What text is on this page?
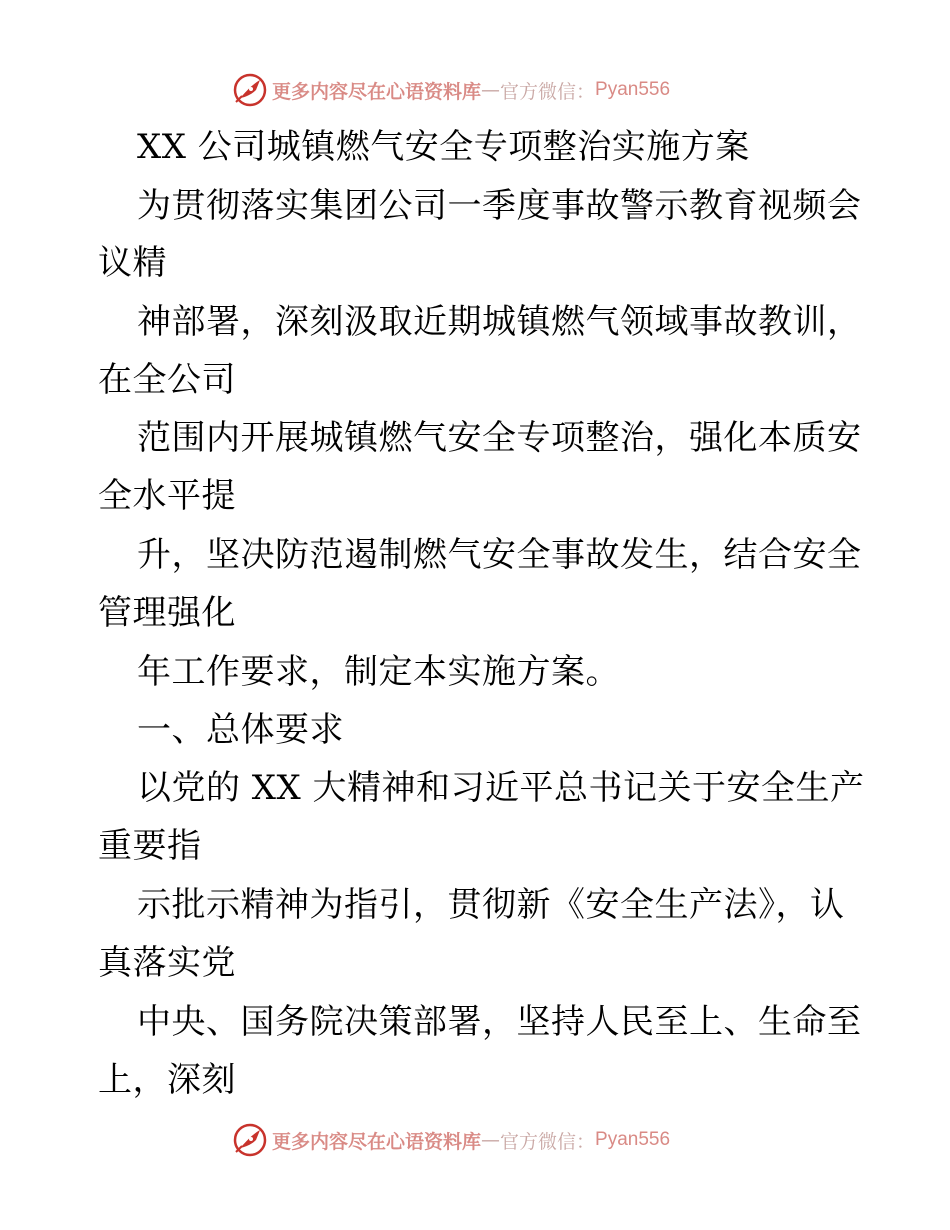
更多内容尽在心语资料库 — 官方微信： Pyan556
XX 公司城镇燃气安全专项整治实施方案
为贯彻落实集团公司一季度事故警示教育视频会
议精
神部署，深刻汲取近期城镇燃气领域事故教训，
在全公司
范围内开展城镇燃气安全专项整治，强化本质安
全水平提
升，坚决防范遏制燃气安全事故发生，结合安全
管理强化
年工作要求，制定本实施方案。
一、总体要求
以党的 XX 大精神和习近平总书记关于安全生产
重要指
示批示精神为指引，贯彻新《安全生产法》，认
真落实党
中央、国务院决策部署，坚持人民至上、生命至
上，深刻
更多内容尽在心语资料库 — 官方微信： Pyan556
